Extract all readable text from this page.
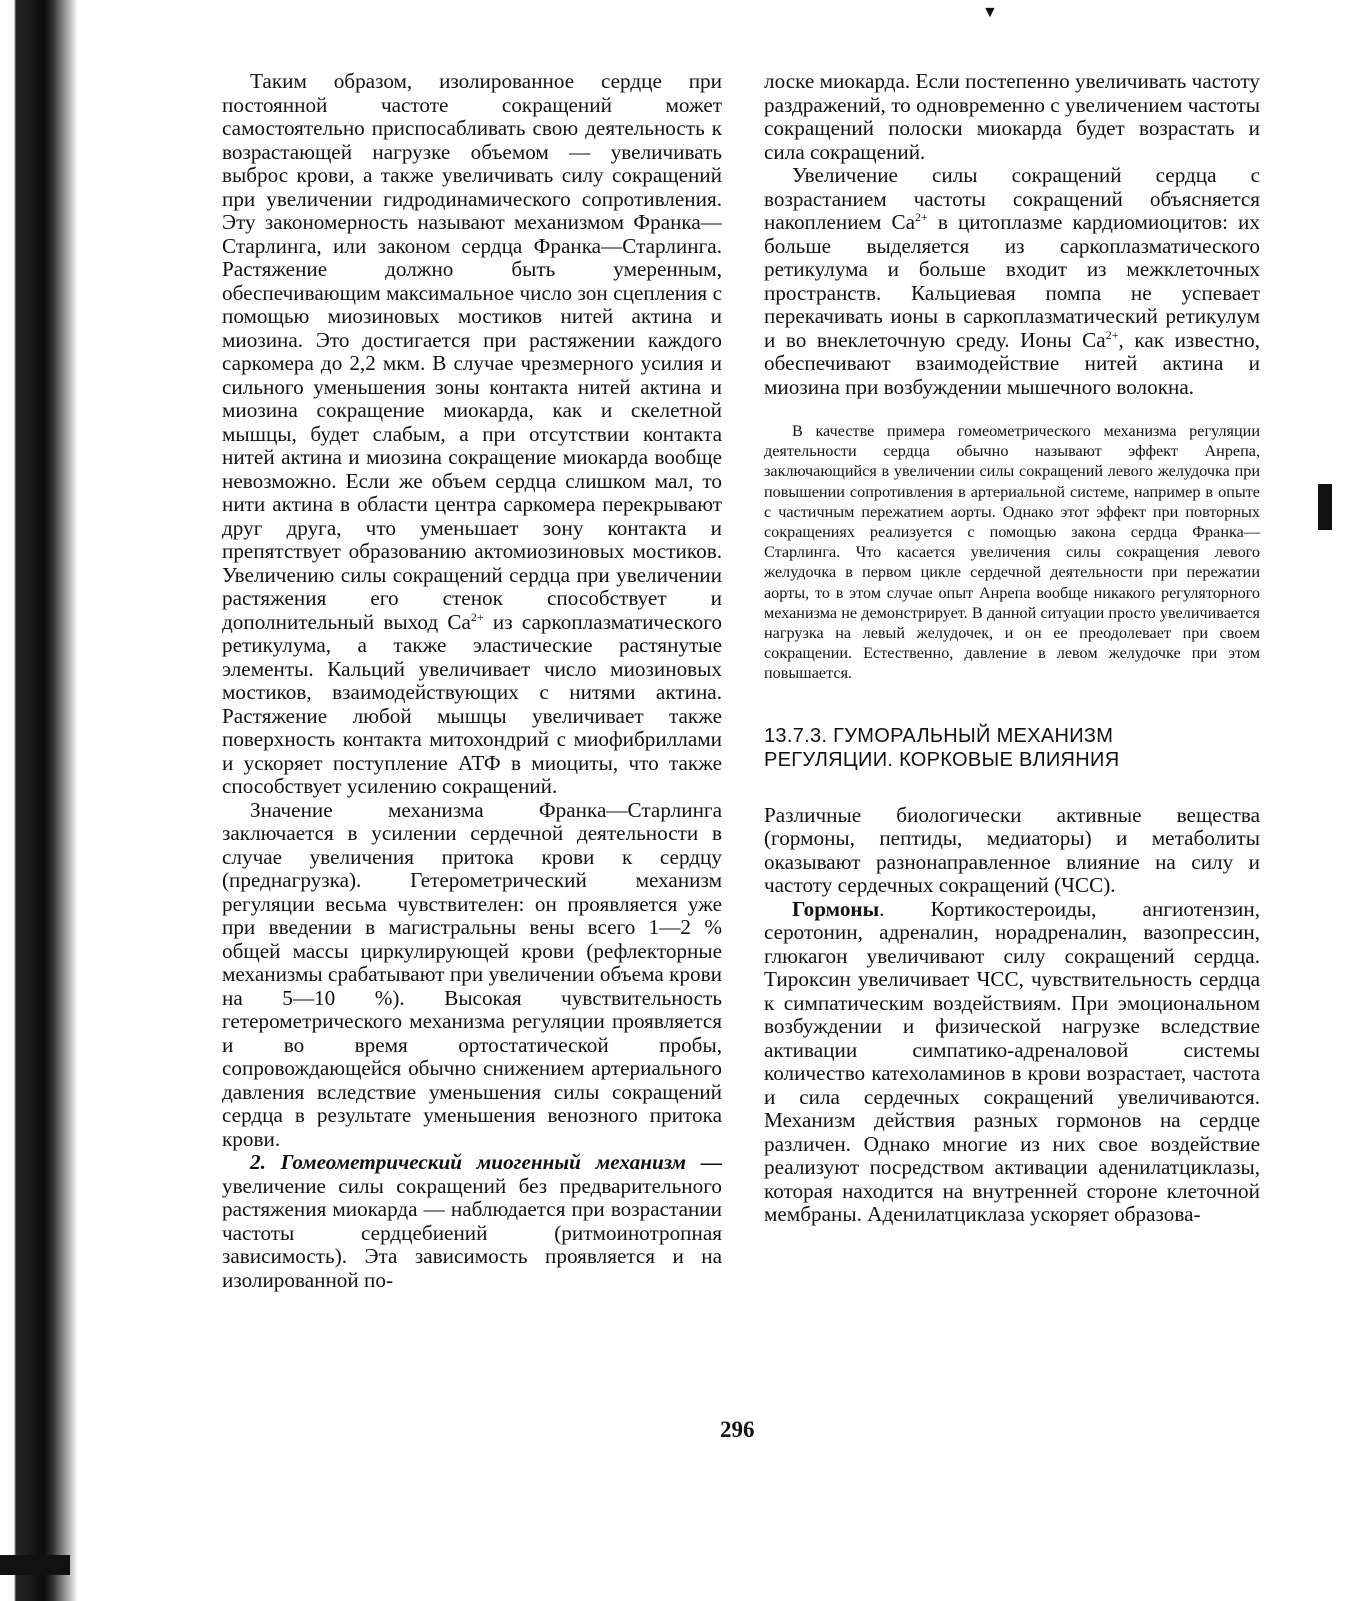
▼

Таким образом, изолированное сердце при постоянной частоте сокращений может самостоятельно приспосабливать свою деятельность к возрастающей нагрузке объемом — увеличивать выброс крови, а также увеличивать силу сокращений при увеличении гидродинамического сопротивления. Эту закономерность называют механизмом Франка—Старлинга, или законом сердца Франка—Старлинга. Растяжение должно быть умеренным, обеспечивающим максимальное число зон сцепления с помощью миозиновых мостиков нитей актина и миозина. Это достигается при растяжении каждого саркомера до 2,2 мкм. В случае чрезмерного усилия и сильного уменьшения зоны контакта нитей актина и миозина сокращение миокарда, как и скелетной мышцы, будет слабым, а при отсутствии контакта нитей актина и миозина сокращение миокарда вообще невозможно. Если же объем сердца слишком мал, то нити актина в области центра саркомера перекрывают друг друга, что уменьшает зону контакта и препятствует образованию актомиозиновых мостиков. Увеличению силы сокращений сердца при увеличении растяжения его стенок способствует и дополнительный выход $Ca^{2+}$ из саркоплазматического ретикулума, а также эластические растянутые элементы. Кальций увеличивает число миозиновых мостиков, взаимодействующих с нитями актина. Растяжение любой мышцы увеличивает также поверхность контакта митохондрий с миофибриллами и ускоряет поступление АТФ в миоциты, что также способствует усилению сокращений.

Значение механизма Франка—Старлинга заключается в усилении сердечной деятельности в случае увеличения притока крови к сердцу (преднагрузка). Гетерометрический механизм регуляции весьма чувствителен: он проявляется уже при введении в магистральны вены всего 1—2 % общей массы циркулирующей крови (рефлекторные механизмы срабатывают при увеличении объема крови на 5—10 %). Высокая чувствительность гетерометрического механизма регуляции проявляется и во время ортостатической пробы, сопровождающейся обычно снижением артериального давления вследствие уменьшения силы сокращений сердца в результате уменьшения венозного притока крови.

2. Гомеометрический миогенный механизм — увеличение силы сокращений без предварительного растяжения миокарда — наблюдается при возрастании частоты сердцебиений (ритмоинотропная зависимость). Эта зависимость проявляется и на изолированной по-

лоске миокарда. Если постепенно увеличивать частоту раздражений, то одновременно с увеличением частоты сокращений полоски миокарда будет возрастать и сила сокращений.

Увеличение силы сокращений сердца с возрастанием частоты сокращений объясняется накоплением $Ca^{2+}$ в цитоплазме кардиомиоцитов: их больше выделяется из саркоплазматического ретикулума и больше входит из межклеточных пространств. Кальциевая помпа не успевает перекачивать ионы в саркоплазматический ретикулум и во внеклеточную среду. Ионы $Ca^{2+}$, как известно, обеспечивают взаимодействие нитей актина и миозина при возбуждении мышечного волокна.

В качестве примера гомеометрического механизма регуляции деятельности сердца обычно называют эффект Анрепа, заключающийся в увеличении силы сокращений левого желудочка при повышении сопротивления в артериальной системе, например в опыте с частичным пережатием аорты. Однако этот эффект при повторных сокращениях реализуется с помощью закона сердца Франка—Старлинга. Что касается увеличения силы сокращения левого желудочка в первом цикле сердечной деятельности при пережатии аорты, то в этом случае опыт Анрепа вообще никакого регуляторного механизма не демонстрирует. В данной ситуации просто увеличивается нагрузка на левый желудочек, и он ее преодолевает при своем сокращении. Естественно, давление в левом желудочке при этом повышается.

13.7.3. ГУМОРАЛЬНЫЙ МЕХАНИЗМ
РЕГУЛЯЦИИ. КОРКОВЫЕ ВЛИЯНИЯ

Различные биологически активные вещества (гормоны, пептиды, медиаторы) и метаболиты оказывают разнонаправленное влияние на силу и частоту сердечных сокращений (ЧСС).

Гормоны. Кортикостероиды, ангиотензин, серотонин, адреналин, норадреналин, вазопрессин, глюкагон увеличивают силу сокращений сердца. Тироксин увеличивает ЧСС, чувствительность сердца к симпатическим воздействиям. При эмоциональном возбуждении и физической нагрузке вследствие активации симпатико-адреналовой системы количество катехоламинов в крови возрастает, частота и сила сердечных сокращений увеличиваются. Механизм действия разных гормонов на сердце различен. Однако многие из них свое воздействие реализуют посредством активации аденилатциклазы, которая находится на внутренней стороне клеточной мембраны. Аденилатциклаза ускоряет образова-

296
